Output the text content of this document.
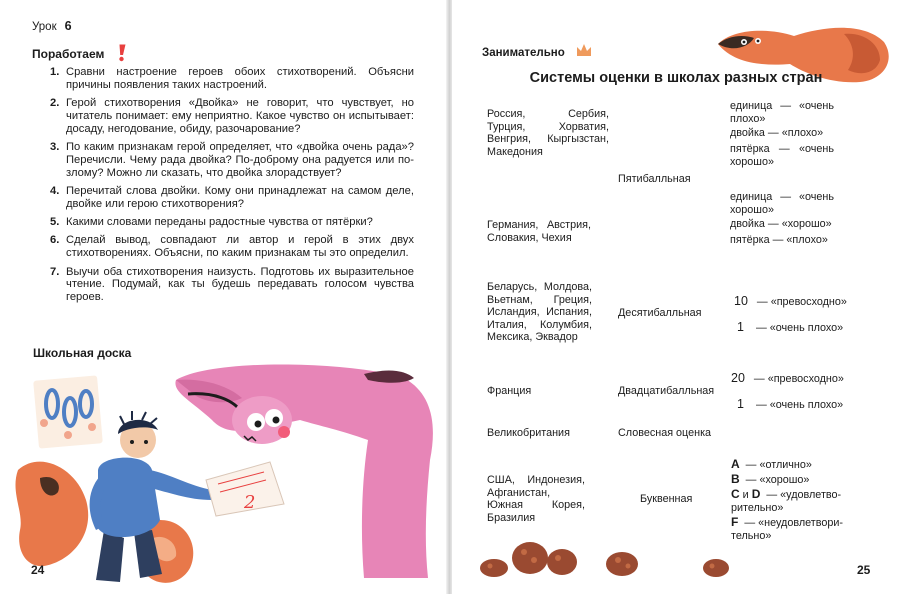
Урок 6
Поработаем
1. Сравни настроение героев обоих стихотворений. Объясни причины появления таких настроений.
2. Герой стихотворения «Двойка» не говорит, что чувствует, но читатель понимает: ему неприятно. Какое чувство он испытывает: досаду, негодование, обиду, разочарование?
3. По каким признакам герой определяет, что «двойка очень рада»? Перечисли. Чему рада двойка? По-доброму она радуется или по-злому? Можно ли сказать, что двойка злорадствует?
4. Перечитай слова двойки. Кому они принадлежат на самом деле, двойке или герою стихотворения?
5. Какими словами переданы радостные чувства от пятёрки?
6. Сделай вывод, совпадают ли автор и герой в этих двух стихотворениях. Объясни, по каким признакам ты это определил.
7. Выучи оба стихотворения наизусть. Подготовь их выразительное чтение. Подумай, как ты будешь передавать голосом чувства героев.
Школьная доска
2
24
Занимательно
Системы оценки в школах разных стран
Россия, Сербия, Турция, Хорватия, Венгрия, Кыргызстан, Македония
единица — «очень плохо»
двойка — «плохо»
пятёрка — «очень хорошо»
Пятибалльная
Германия, Австрия, Словакия, Чехия
единица — «очень хорошо»
двойка — «хорошо»
пятёрка — «плохо»
Беларусь, Молдова, Вьетнам, Греция, Исландия, Испания, Италия, Колумбия, Мексика, Эквадор
Десятибалльная
10 — «превосходно»
1 — «очень плохо»
Франция	Двадцатибалльная
20 — «превосходно»
1 — «очень плохо»
Великобритания	Словесная оценка
США, Индонезия, Афганистан, Южная Корея, Бразилия
Буквенная
A — «отлично»
B — «хорошо»
C и D — «удовлетво-
рительно»
F — «неудовлетвори-
тельно»
25
